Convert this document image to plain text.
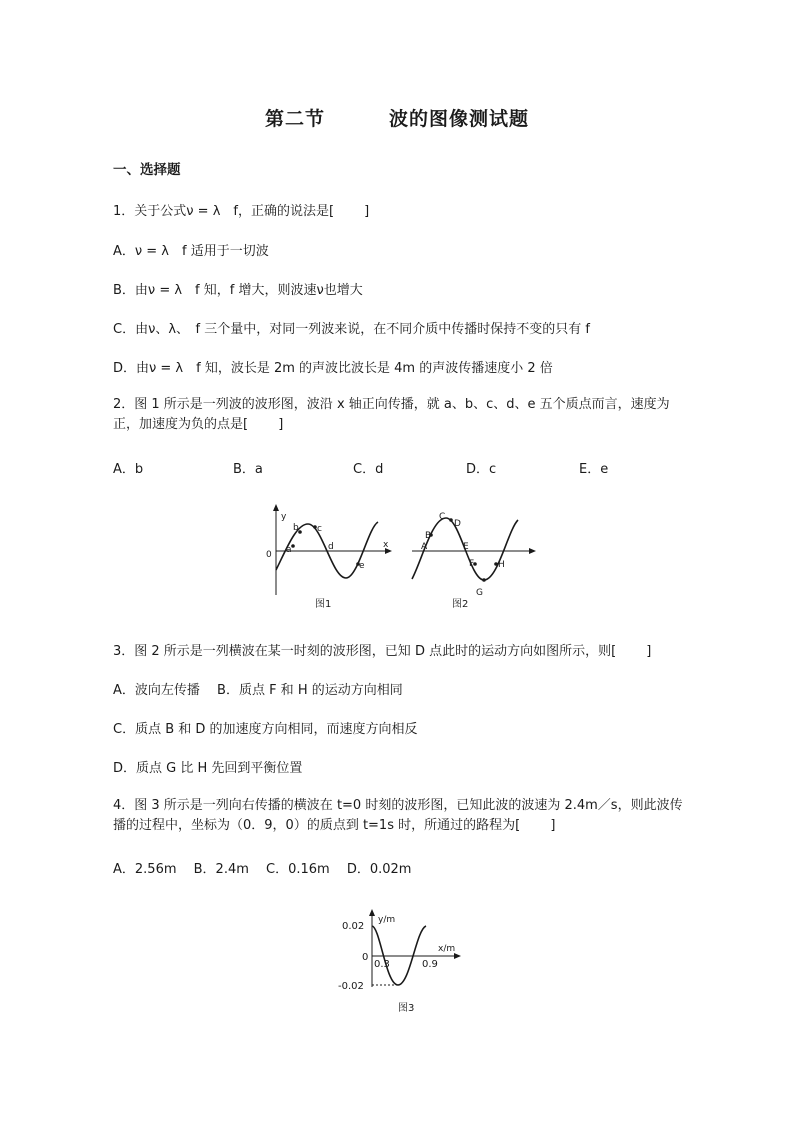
第二节	波的图像测试题
一、选择题
1．关于公式ν = λ　f，正确的说法是[　　 ]
A．ν = λ　f 适用于一切波
B．由ν = λ　f 知，f 增大，则波速ν也增大
C．由ν、λ、　f 三个量中，对同一列波来说，在不同介质中传播时保持不变的只有 f
D．由ν = λ　f 知，波长是 2m 的声波比波长是 4m 的声波传播速度小 2 倍
2．图 1 所示是一列波的波形图，波沿 x 轴正向传播，就 a、b、c、d、e 五个质点而言，速度为正，加速度为负的点是[　　 ]
A．b	B．a	C．d	D．c	E．e
y
x
0 a
b c
d
e
图1
A
B
C
D
E
F
G
H
图2
3．图 2 所示是一列横波在某一时刻的波形图，已知 D 点此时的运动方向如图所示，则[　　 ]
A．波向左传播　 B．质点 F 和 H 的运动方向相同
C．质点 B 和 D 的加速度方向相同，而速度方向相反
D．质点 G 比 H 先回到平衡位置
4．图 3 所示是一列向右传播的横波在 t=0 时刻的波形图，已知此波的波速为 2.4m／s，则此波传播的过程中，坐标为（0．9，0）的质点到 t=1s 时，所通过的路程为[　　 ]
A．2.56m　 B．2.4m　 C．0.16m　 D．0.02m
y/m
x/m
0.02
0
-0.02
0.3	0.9
图3
